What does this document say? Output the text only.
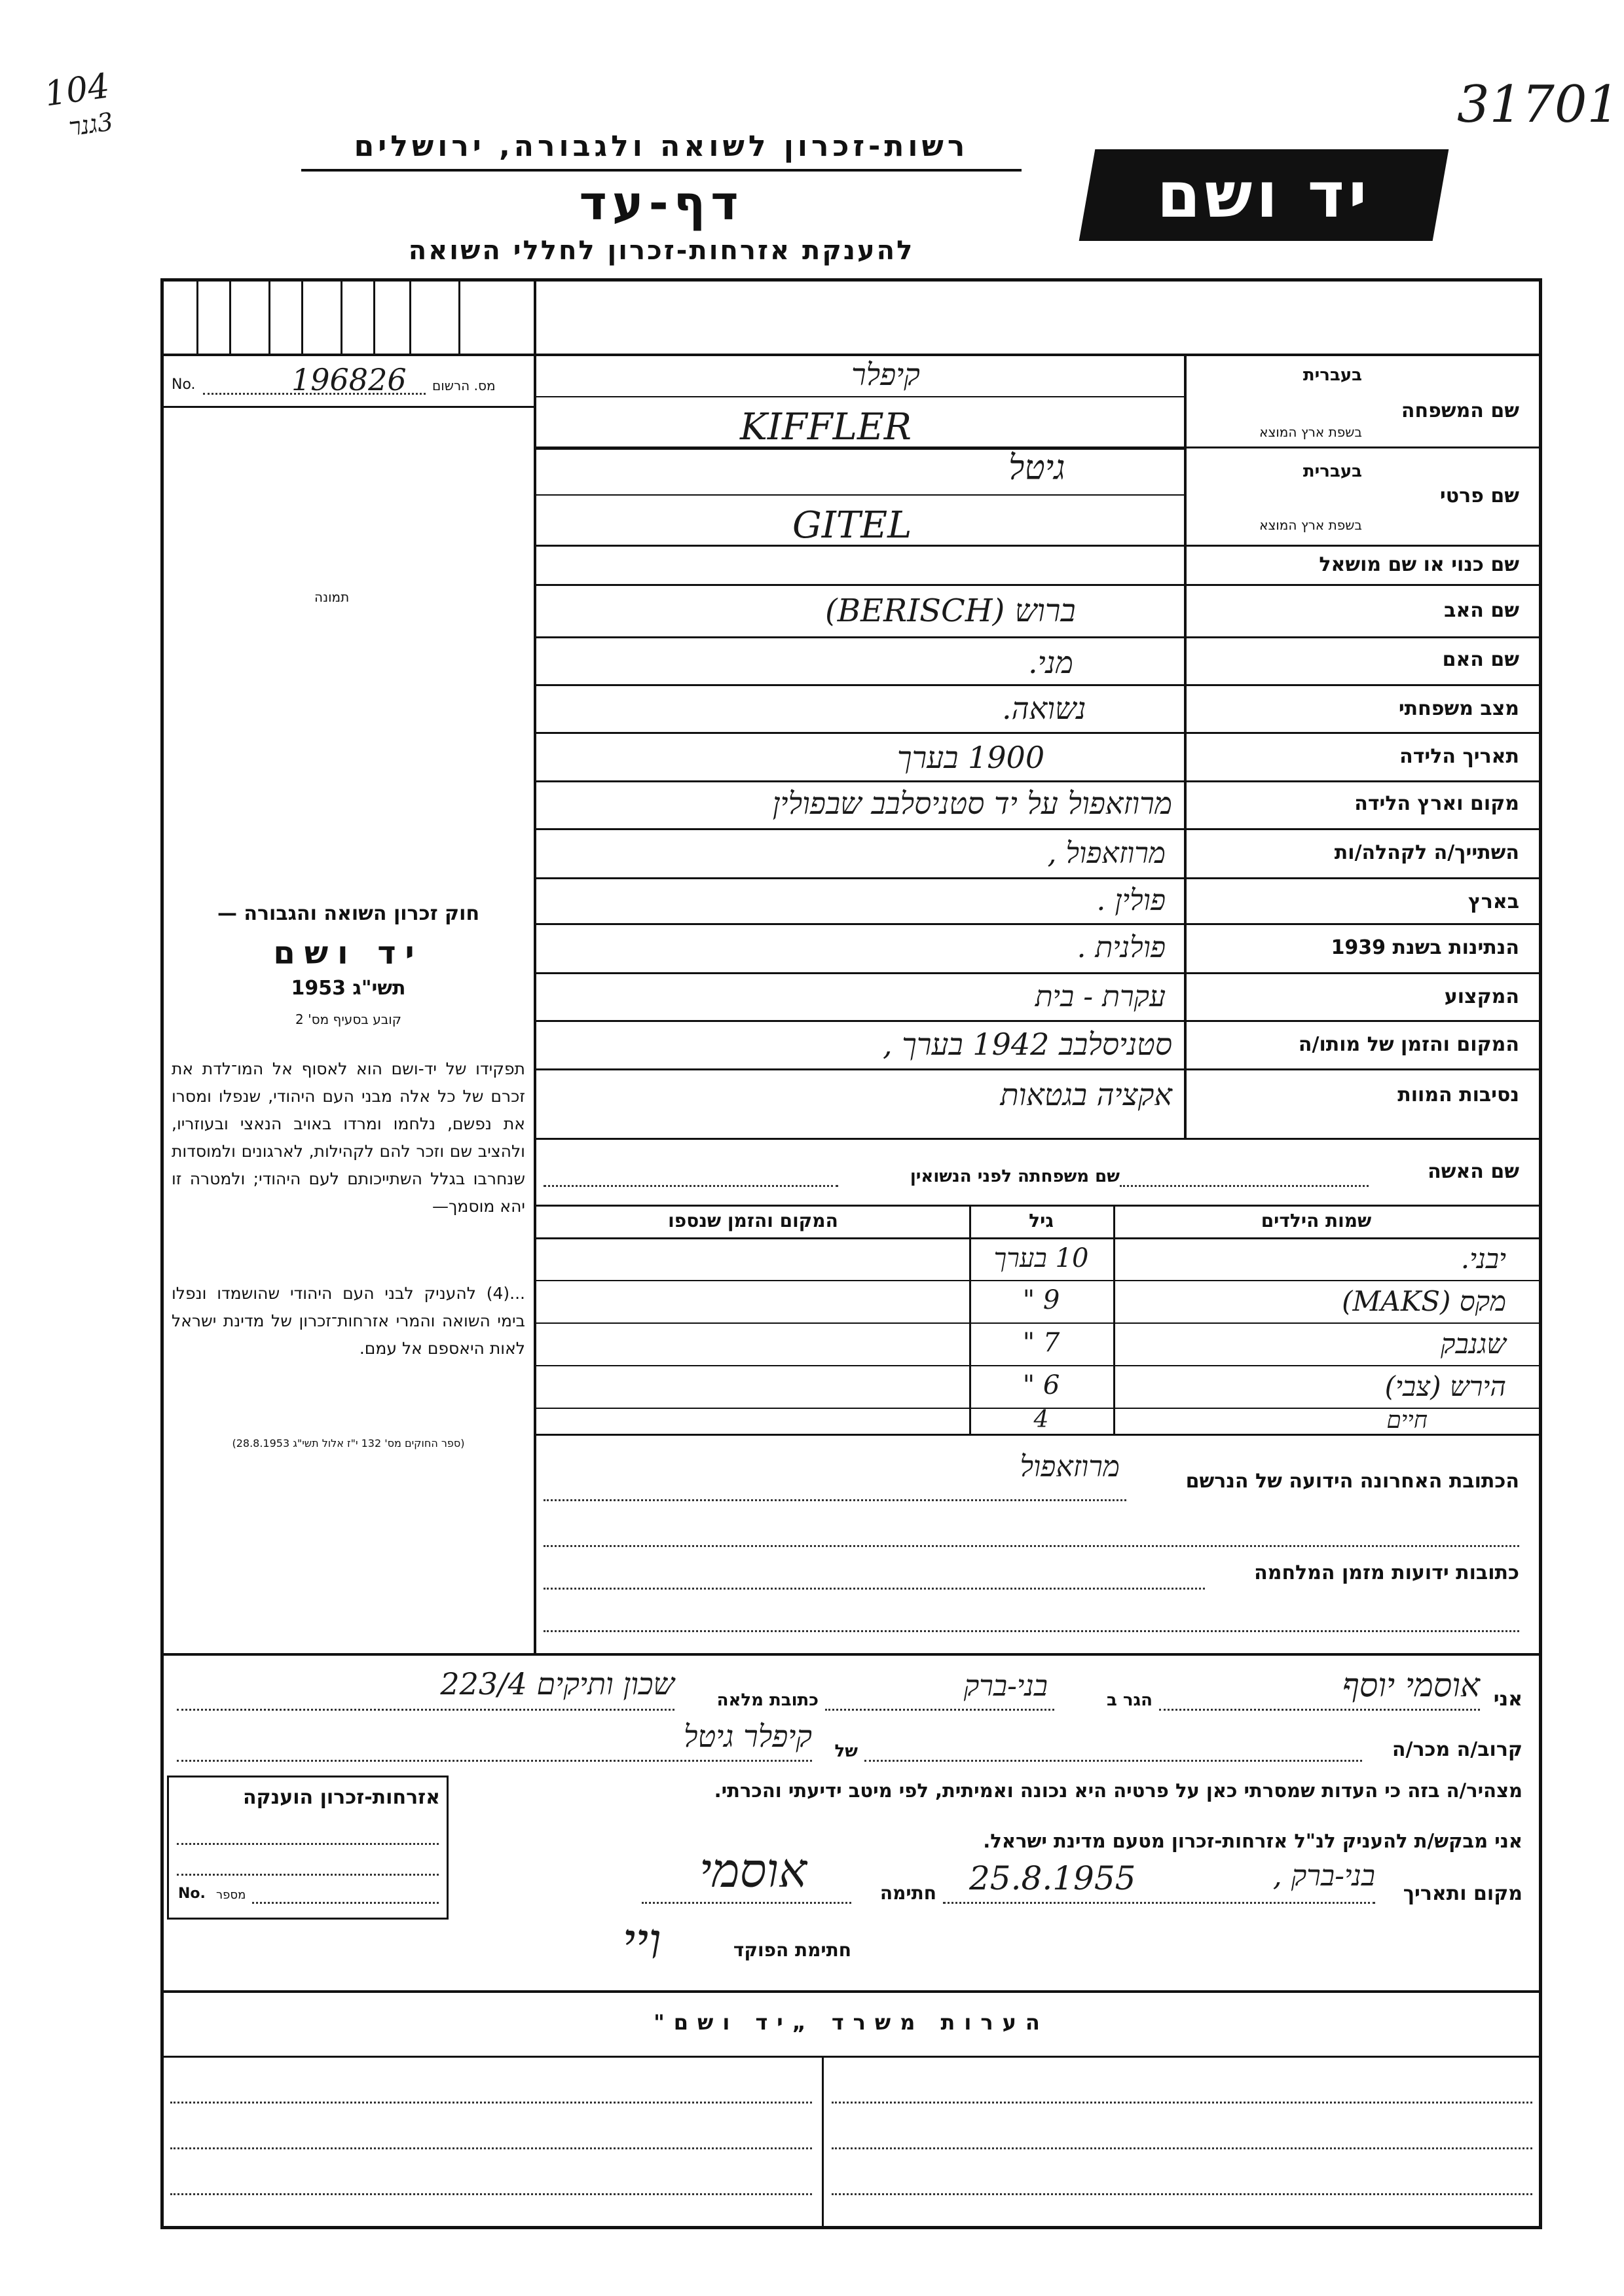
104
3גנר	31701
רשות-זכרון לשואה ולגבורה, ירושלים
דף-עד
להענקת אזרחות-זכרון לחללי השואה
יד ושם
No.	196826 מס. הרשום
תמונה
שם המשפחה
בעברית
בשפת ארץ המוצא
קיפלר
KIFFLER
שם פרטי
בעברית
בשפת ארץ המוצא
גיטל
GITEL
שם כנוי או שם מושאל
שם האב
ברוש (BERISCH)
שם האם
מני.
מצב משפחתי
נשואה.
תאריך הלידה
1900 בערך
מקום וארץ הלידה
מרוזאפול על יד סטניסלבב שבפולין
השתייך/ה לקהלה/ות
מרוזאפול ,
בארץ
פולין .
הנתינות בשנת 1939
פולנית .
המקצוע
עקרת - בית
המקום והזמן של מותו/ה
סטניסלבב 1942 בערך ,
נסיבות המוות
אקציה בגטאות
שם האשה
שם משפחתה לפני הנשואין
שמות הילדים
גיל
המקום והזמן שנספו
יבני.
10 בערך
מקס (MAKS)
9 "
שגנבק
7 "
הירש (צבי)
6 "
חיים
4
הכתובת האחרונה הידועה של הנרשם
מרוזאפול
כתובות ידועות מזמן המלחמה
חוק זכרון השואה והגבורה —
יד ושם
תשי"ג 1953
קובע בסעיף מס' 2
תפקידו של יד-ושם הוא לאסוף אל המו־לדת את זכרם של כל אלה מבני העם היהודי, שנפלו ומסרו את נפשם, נלחמו ומרדו באויב הנאצי ובעוזריו, ולהציב שם וזכר להם לקהילות, לארגונים ולמוסדות שנחרבו בגלל השתייכותם לעם היהודי; ולמטרה זו יהא מוסמך—
...(4) להעניק לבני העם היהודי שהושמדו ונפלו בימי השואה והמרי אזרחות־זכרון של מדינת ישראל לאות היאספם אל עמם.
(ספר החוקים מס' 132 י"ז אלול תשי"ג 28.8.1953)
אני
אוסמי יוסף
הגר ב
בני-ברק
כתובת מלאה
שכון ותיקים 223/4
קרוב/ה מכר/ה
של
קיפלר גיטל
מצהיר/ה בזה כי העדות שמסרתי כאן על פרטיה היא נכונה ואמיתית, לפי מיטב ידיעתי והכרתי.
אני מבקש/ת להעניק לנ"ל אזרחות-זכרון מטעם מדינת ישראל.
מקום ותאריך
בני-ברק ,
25.8.1955
חתימה
אוסמי
חתימת הפוקד
ויי
אזרחות-זכרון הוענקה
No. מספר
הערות משרד „יד ושם"
